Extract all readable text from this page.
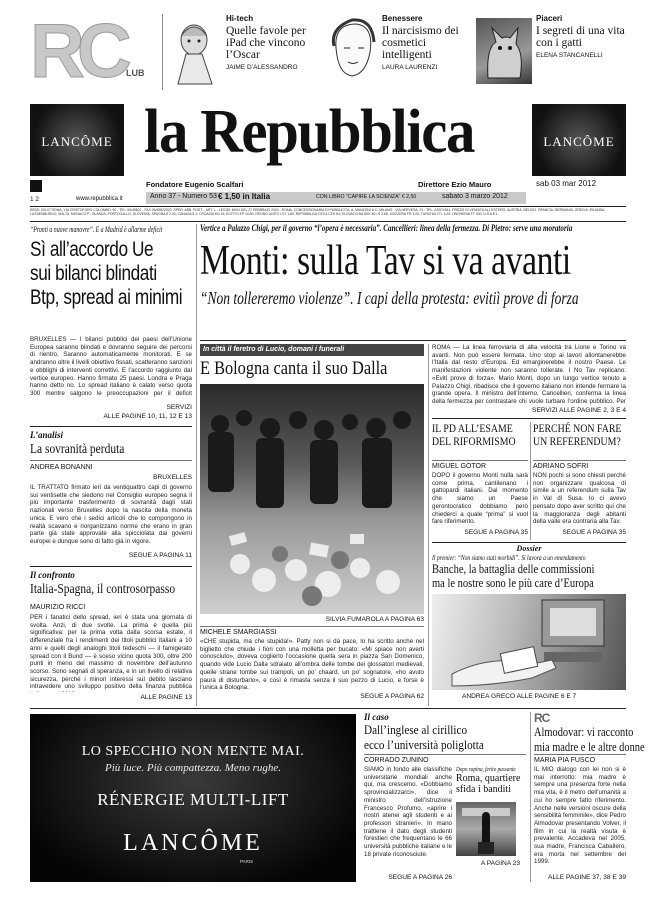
RC LUB
Hi-tech
Quelle favole per iPad che vincono l’Oscar
JAIME D’ALESSANDRO
Benessere
Il narcisismo dei cosmetici intelligenti
LAURA LAURENZI
Piaceri
I segreti di una vita con i gatti
ELENA STANCANELLI
LANCÔME la Repubblica	LANCÔME
Fondatore Eugenio Scalfari	Direttore Ezio Mauro	sab 03 mar 2012
Anno 37 - Numero 53 € 1,50 in Italia	CON LIBRO "CAPIRE LA SCIENZA" € 2,50	sabato 3 marzo 2012
1 2	www.repubblica.it
SEDE: 00147 ROMA, VIA CRISTOFORO COLOMBO, 90 - TEL. 06/49821 - FAX 06/49822923. SPED. ABB. POST. - ART. 1 - LEGGE 46/04 DEL 27 FEBBRAIO 2004 - ROMA. CONCESSIONARIA DI PUBBLICITÀ: A. MANZONI & C. MILANO - VIA NERVESA, 21 - TEL. 02/574941. PREZZI DI VENDITA ALL'ESTERO: AUSTRIA, BELGIO, FRANCIA, GERMANIA, GRECIA, IRLANDA, LUSSEMBURGO, MALTA, MONACO P., OLANDA, PORTOGALLO, SLOVENIA, SPAGNA € 2,00; CANADA $ 1; CROAZIA KN 15; EGITTO EP 16,50; REGNO UNITO LST 1,80; REPUBBLICA CECA CZK 64; SLOVACCHIA SKK 80 / € 2,66; SVIZZERA FR 3,00; TURCHIA YTL 4,25; UNGHERIA FT 400; U.S.A $ 1
“Pronti a nuove manovre”. E a Madrid è allarme deficit
Sì all’accordo Ue
sui bilanci blindati
Btp, spread ai minimi
BRUXELLES — I bilanci pubblici dei paesi dell’Unione Europea saranno blindati e dovranno seguire dei percorsi di rientro. Saranno automaticamente monitorati. E se andranno oltre il livelli obiettivo fissati, scatteranno sanzioni e obblighi di interventi correttivi. E l’accordo raggiunto dal vertice europeo. Hanno firmato 25 paesi. Londra e Praga hanno detto no. Lo spread italiano è calato verso quota 300 mentre salgono le preoccupazioni per il deficit
SERVIZI
ALLE PAGINE 10, 11, 12 E 13
L’analisi
La sovranità perduta
ANDREA BONANNI
BRUXELLES
IL TRATTATO firmato ieri da ventiquattro capi di governo sui ventisette che siedono nel Consiglio europeo segna il più importante trasferimento di sovranità dagli stati nazionali verso Bruxelles dopo la nascita della moneta unica. E vero che i sedici articoli che lo compongono in realtà scavano e riorganizzano norme che erano in gran parte già state approvate alla spicciolata dai governi europei e dunque sono di fatto già in vigore.
SEGUE A PAGINA 11
Il confronto
Italia-Spagna, il controsorpasso
MAURIZIO RICCI
PER i fanatici dello spread, ieri è stata una giornata di svolta. Anzi, di due svolte. La prima è quella più significativa: per la prima volta dalla scorsa estate, il differenziale fra i rendimenti dei titoli pubblici italiani a 10 anni e quelli degli analoghi titoli tedeschi — il famigerato spread con il Bund — è sceso vicino quota 300, oltre 200 punti in meno del massimo di novembre dell’autunno scorso. Sono segnali di speranza, e in un livello di relativa sicurezza, perché i minori interessi sul debito lasciano intravedere uno sviluppo positivo della finanza pubblica
ALLE PAGINE 13
Vertice a Palazzo Chigi, per il governo “l’opera è necessaria”. Cancellieri: linea della fermezza. Di Pietro: serve una moratoria
Monti: sulla Tav si va avanti
“Non tollereremo violenze”. I capi della protesta: evitiì prove di forza
In città il feretro di Lucio, domani i funerali
E Bologna canta il suo Dalla
SILVIA FUMAROLA A PAGINA 63
MICHELE SMARGIASSI
«CHE stupida, ma che stupida!». Patty non si dà pace, lo ha scritto anche nel biglietto che chiude i fiori con una molletta per bucato: «Mi spiace non averti conosciuto», doveva coglierlo l’occasione quella sera in piazza San Domenico, quando vide Lucio Dalla sdraiato all’ombra delle tombe dei glossatori medievali, quelle strane tombe sui trampoli, un po’ chaard, un po’ sognatore, «ho avuto paura di disturbarlo», e così è rimasta senza il suo pezzo di Lucio, e forse è l’unica a Bologna.
SEGUE A PAGINA 62
ROMA — La linea ferroviaria di alta velocità tra Lione e Torino va avanti. Non può essere fermata. Uno stop ai lavori allontanerebbe l’Italia dal resto d’Europa. Ed emarginerebbe il nostro Paese. Le manifestazioni violente non saranno tollerate. I No Tav replicano: «Evitì prove di forza». Mario Monti, dopo un lungo vertice tenuto a Palazzo Chigi, ribadisce che il governo italiano non intende fermare la grande opera. Il ministro dell’Interno, Cancellieri, conferma la linea della fermezza per contrastare chi vuole turbare l’ordine pubblico. Per
SERVIZI ALLE PAGINE 2, 3 E 4
IL PD ALL’ESAME DEL RIFORMISMO
MIGUEL GOTOR
DOPO il governo Monti nulla sarà come prima, cantilenano i gattopardi italiani. Dal momento che siamo un Paese gerontocratico dobbiamo però chiederci a quale “prima” si vuol fare riferimento.
SEGUE A PAGINA 35
PERCHÉ NON FARE UN REFERENDUM?
ADRIANO SOFRI
NON pochi si sono chiesti perché non organizzare qualcosa di simile a un referendum sulla Tav in Val di Susa. Io ci avevo pensato dopo aver scritto qui che la maggioranza degli abitanti della valle era contraria alla Tav.
SEGUE A PAGINA 35
Dossier
Il premier: “Non siamo stati morbidi”. Si lavora a un emendamento
Banche, la battaglia delle commissioni
ma le nostre sono le più care d’Europa
ANDREA GRECO ALLE PAGINE 6 E 7
LO SPECCHIO NON MENTE MAI.
Più luce. Più compattezza. Meno rughe.
RÉNERGIE MULTI-LIFT
LANCÔME
PARIS
Il caso
Dall’inglese al cirillico
ecco l’università poliglotta
CORRADO ZUNINO
SIAMO in fondo alle classifiche universitarie mondiali anche qui, ma crescemo. «Dobbiamo sprovincializzarci», dice il ministro dell’Istruzione Francesco Profumo, «aprire i nostri atenei agli studenti e ai professori stranieri». In mano trattiene il dato degli studenti forestieri che frequentano le 66 università pubbliche italiane e le 18 private riconosciute.
Dopo rapina, ferito passante
Roma, quartiere
sfida i banditi
A PAGINA 23
SEGUE A PAGINA 26
RC
Almodovar: vi racconto
mia madre e le altre donne
MARIA PIA FUSCO
IL MIO dialogo con lei non si è mai interrotto: mia madre è sempre una presenza forte nella mia vita, è il metro dell’umanità a cui ho sempre fatto riferimento. Anche nelle versioni oscure della sensibilità femminile», dice Pedro Almodovar presentando Volver, il film in cui la realtà visuta è prevalente. Accadeva nel 2005, sua madre, Francisca Caballero, era morta nel settembre del 1999.
ALLE PAGINE 37, 38 E 39
